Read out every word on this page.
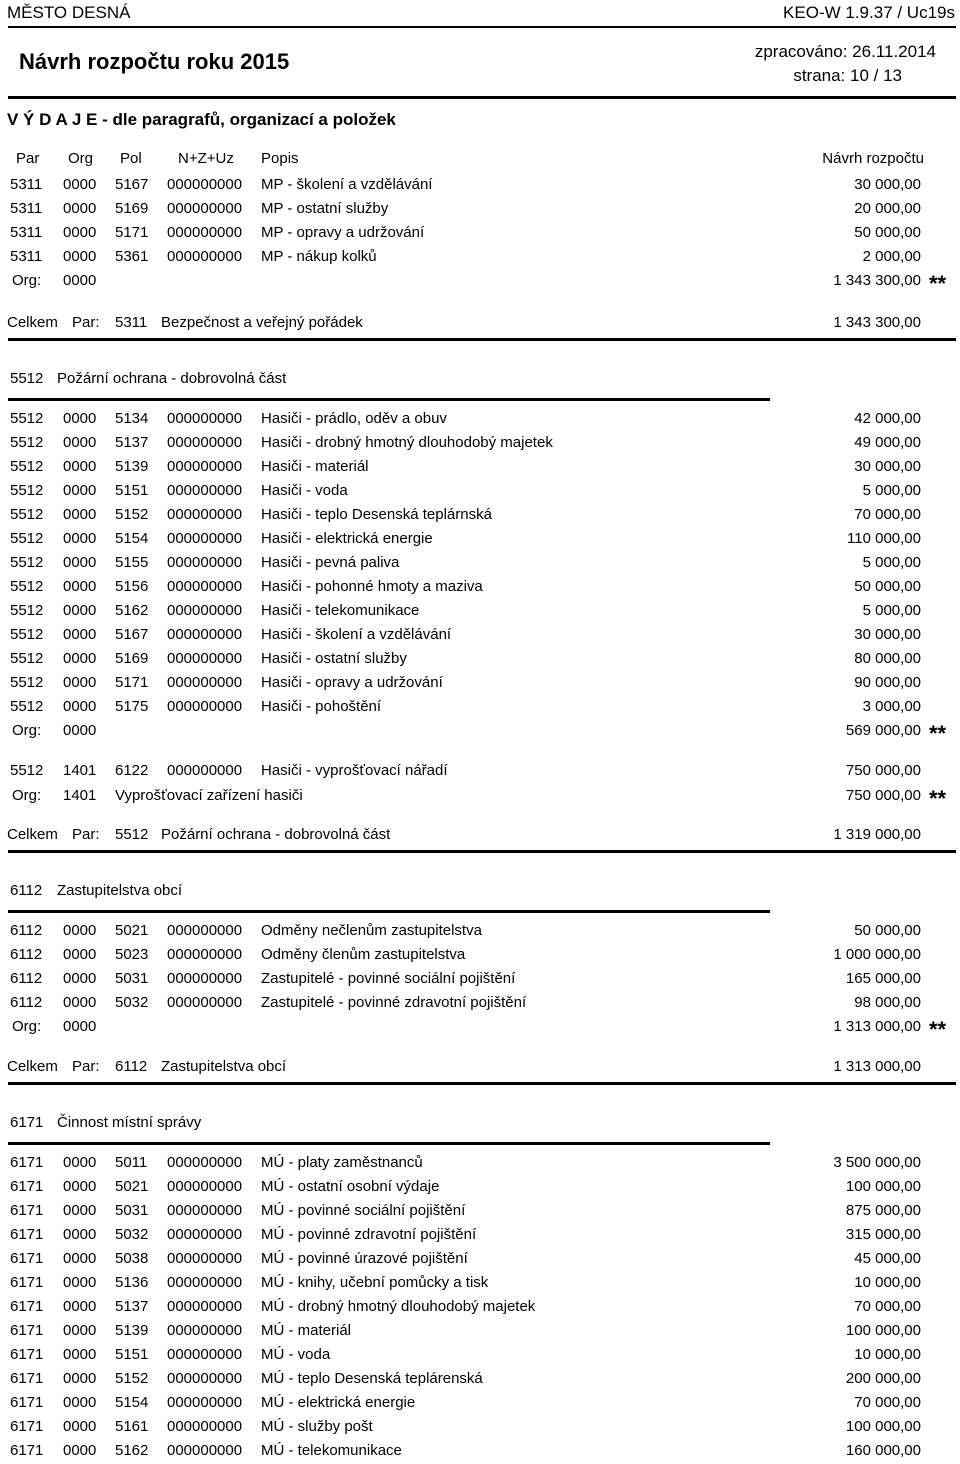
MĚSTO DESNÁ	KEO-W 1.9.37 / Uc19s
Návrh rozpočtu roku 2015	zpracováno: 26.11.2014
strana: 10 / 13
V Ý D A J E - dle paragrafů, organizací a položek
Par Org Pol N+Z+Uz Popis	Návrh rozpočtu
5311 0000 5167 000000000 MP - školení a vzdělávání	30 000,00
5311 0000 5169 000000000 MP - ostatní služby	20 000,00
5311 0000 5171 000000000 MP - opravy a udržování	50 000,00
5311 0000 5361 000000000 MP - nákup kolků	2 000,00
Org: 0000	1 343 300,00 **
Celkem Par: 5311 Bezpečnost a veřejný pořádek	1 343 300,00
5512 Požární ochrana - dobrovolná část
5512 0000 5134 000000000 Hasiči - prádlo, oděv a obuv	42 000,00
5512 0000 5137 000000000 Hasiči - drobný hmotný dlouhodobý majetek	49 000,00
5512 0000 5139 000000000 Hasiči - materiál	30 000,00
5512 0000 5151 000000000 Hasiči - voda	5 000,00
5512 0000 5152 000000000 Hasiči - teplo Desenská teplárnská	70 000,00
5512 0000 5154 000000000 Hasiči - elektrická energie	110 000,00
5512 0000 5155 000000000 Hasiči - pevná paliva	5 000,00
5512 0000 5156 000000000 Hasiči - pohonné hmoty a maziva	50 000,00
5512 0000 5162 000000000 Hasiči - telekomunikace	5 000,00
5512 0000 5167 000000000 Hasiči - školení a vzdělávání	30 000,00
5512 0000 5169 000000000 Hasiči - ostatní služby	80 000,00
5512 0000 5171 000000000 Hasiči - opravy a udržování	90 000,00
5512 0000 5175 000000000 Hasiči - pohoštění	3 000,00
Org: 0000	569 000,00 **
5512 1401 6122 000000000 Hasiči - vyprošťovací nářadí	750 000,00
Org: 1401 Vyprošťovací zařízení hasiči	750 000,00 **
Celkem Par: 5512 Požární ochrana - dobrovolná část	1 319 000,00
6112 Zastupitelstva obcí
6112 0000 5021 000000000 Odměny nečlenům zastupitelstva	50 000,00
6112 0000 5023 000000000 Odměny členům zastupitelstva	1 000 000,00
6112 0000 5031 000000000 Zastupitelé - povinné sociální pojištění	165 000,00
6112 0000 5032 000000000 Zastupitelé - povinné zdravotní pojištění	98 000,00
Org: 0000	1 313 000,00 **
Celkem Par: 6112 Zastupitelstva obcí	1 313 000,00
6171 Činnost místní správy
6171 0000 5011 000000000 MÚ - platy zaměstnanců	3 500 000,00
6171 0000 5021 000000000 MÚ - ostatní osobní výdaje	100 000,00
6171 0000 5031 000000000 MÚ - povinné sociální pojištění	875 000,00
6171 0000 5032 000000000 MÚ - povinné zdravotní pojištění	315 000,00
6171 0000 5038 000000000 MÚ - povinné úrazové pojištění	45 000,00
6171 0000 5136 000000000 MÚ - knihy, učební pomůcky a tisk	10 000,00
6171 0000 5137 000000000 MÚ - drobný hmotný dlouhodobý majetek	70 000,00
6171 0000 5139 000000000 MÚ - materiál	100 000,00
6171 0000 5151 000000000 MÚ - voda	10 000,00
6171 0000 5152 000000000 MÚ - teplo Desenská teplárenská	200 000,00
6171 0000 5154 000000000 MÚ - elektrická energie	70 000,00
6171 0000 5161 000000000 MÚ - služby pošt	100 000,00
6171 0000 5162 000000000 MÚ - telekomunikace	160 000,00
